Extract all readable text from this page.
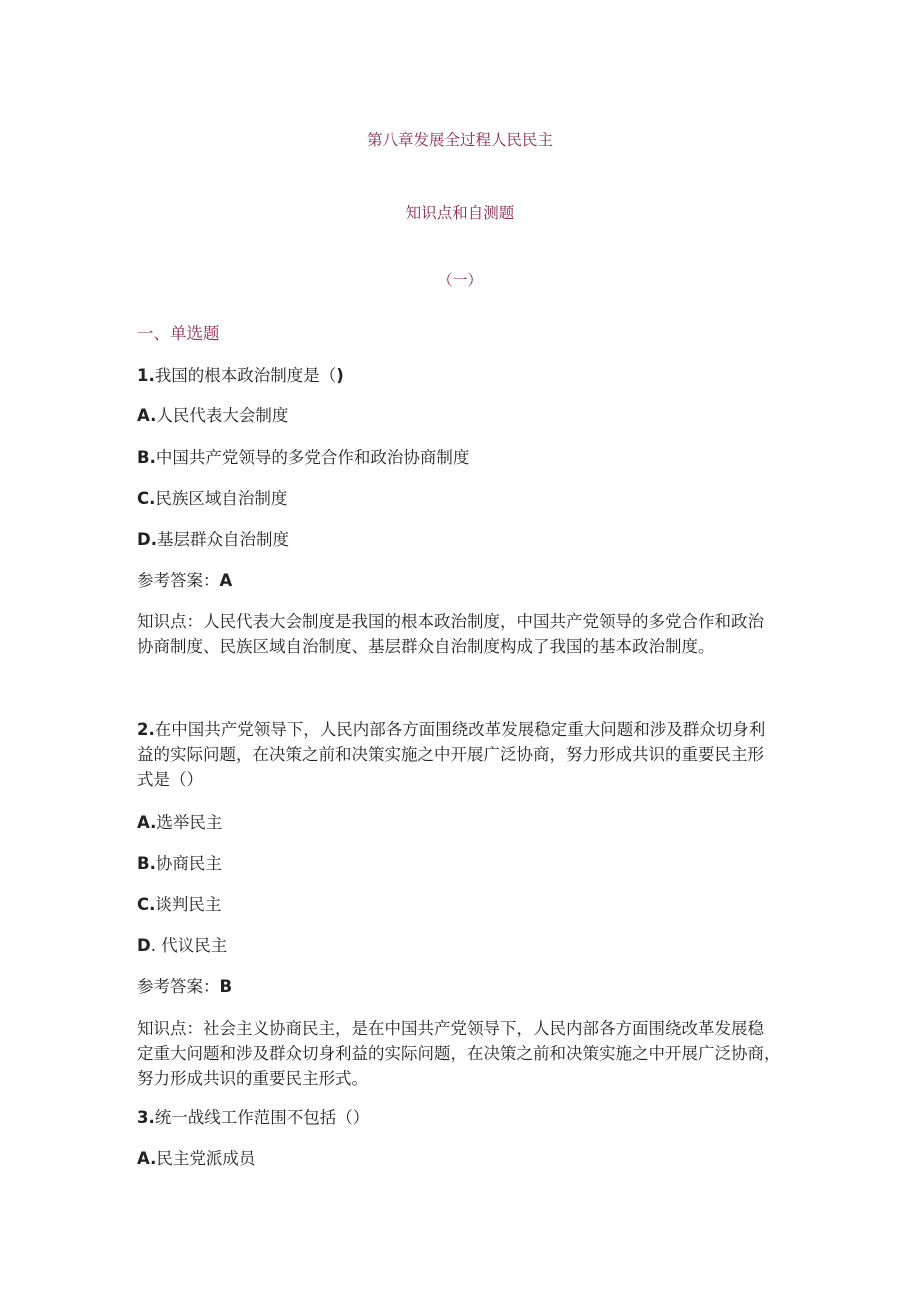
第八章发展全过程人民民主
知识点和自测题
（一）
一、单选题
1.我国的根本政治制度是（)
A.人民代表大会制度
B.中国共产党领导的多党合作和政治协商制度
C.民族区域自治制度
D.基层群众自治制度
参考答案：A
知识点：人民代表大会制度是我国的根本政治制度，中国共产党领导的多党合作和政治
协商制度、民族区域自治制度、基层群众自治制度构成了我国的基本政治制度。
2.在中国共产党领导下，人民内部各方面围绕改革发展稳定重大问题和涉及群众切身利
益的实际问题，在决策之前和决策实施之中开展广泛协商，努力形成共识的重要民主形
式是（）
A.选举民主
B.协商民主
C.谈判民主
D. 代议民主
参考答案：B
知识点：社会主义协商民主，是在中国共产党领导下，人民内部各方面围绕改革发展稳
定重大问题和涉及群众切身利益的实际问题，在决策之前和决策实施之中开展广泛协商，
努力形成共识的重要民主形式。
3.统一战线工作范围不包括（）
A.民主党派成员
